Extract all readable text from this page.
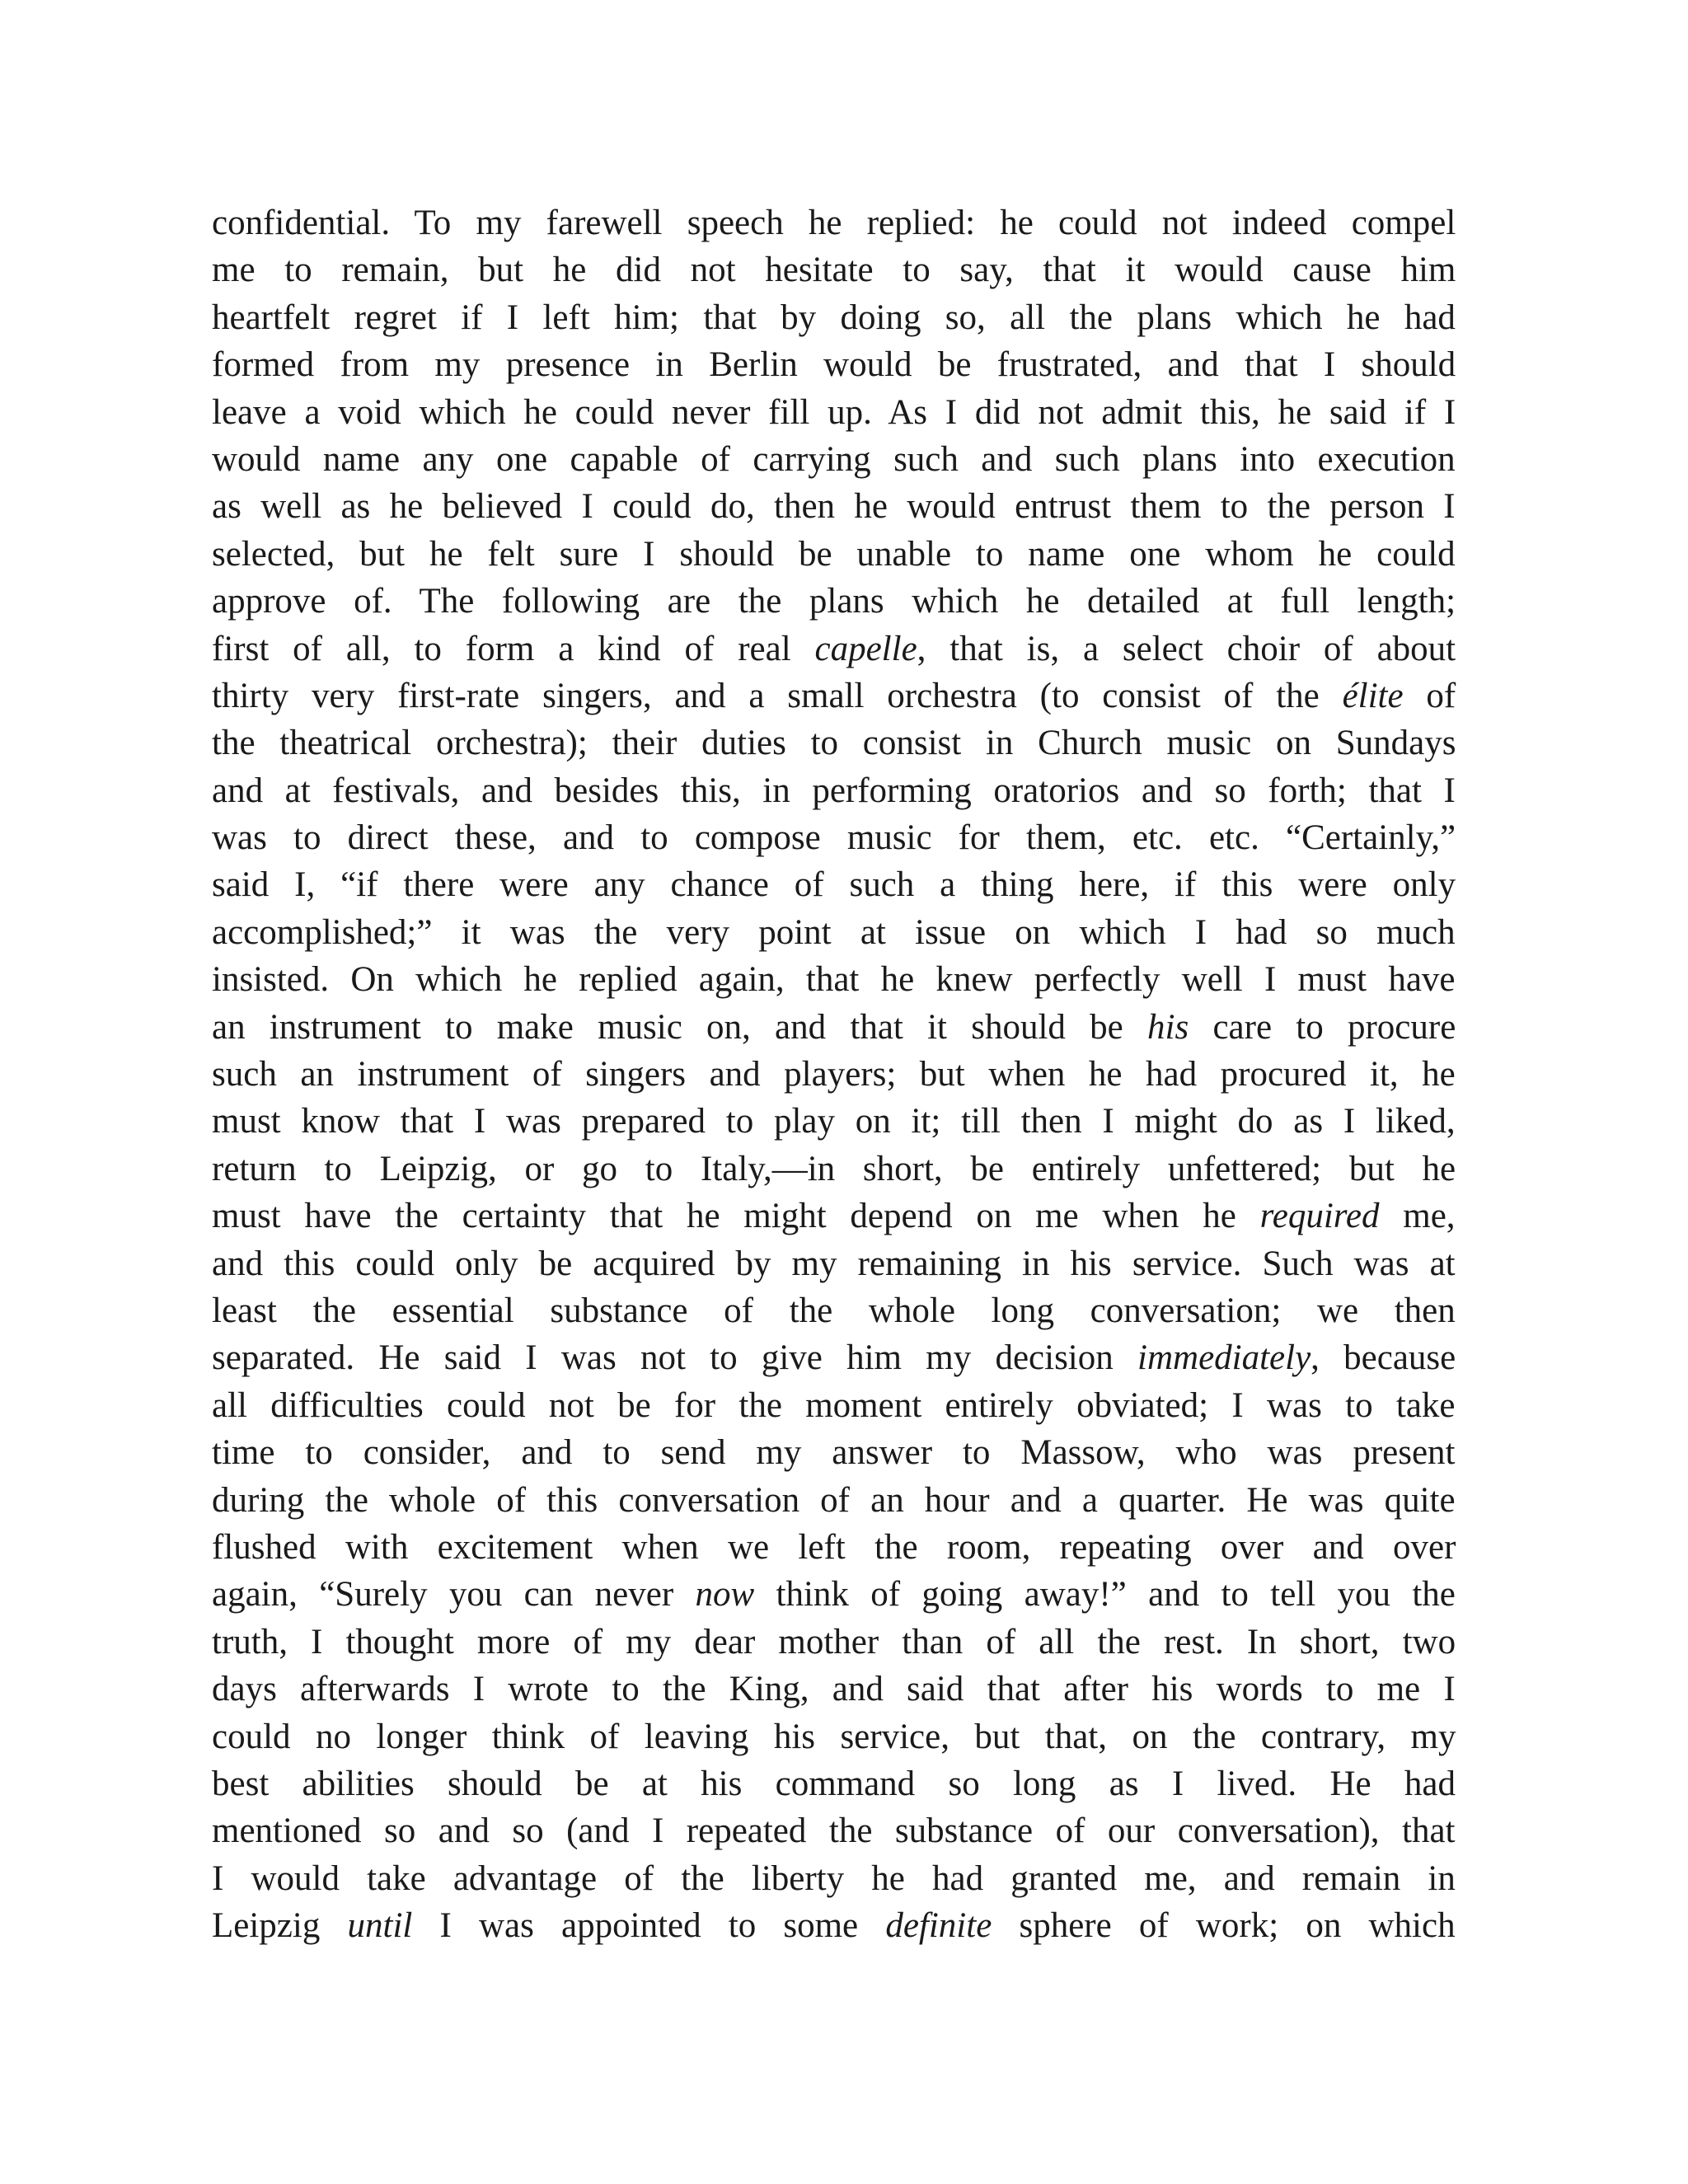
confidential. To my farewell speech he replied: he could not indeed compel
me to remain, but he did not hesitate to say, that it would cause him
heartfelt regret if I left him; that by doing so, all the plans which he had
formed from my presence in Berlin would be frustrated, and that I should
leave a void which he could never fill up. As I did not admit this, he said if I
would name any one capable of carrying such and such plans into execution
as well as he believed I could do, then he would entrust them to the person I
selected, but he felt sure I should be unable to name one whom he could
approve of. The following are the plans which he detailed at full length;
first of all, to form a kind of real capelle, that is, a select choir of about
thirty very first-rate singers, and a small orchestra (to consist of the élite of
the theatrical orchestra); their duties to consist in Church music on Sundays
and at festivals, and besides this, in performing oratorios and so forth; that I
was to direct these, and to compose music for them, etc. etc. “Certainly,”
said I, “if there were any chance of such a thing here, if this were only
accomplished;” it was the very point at issue on which I had so much
insisted. On which he replied again, that he knew perfectly well I must have
an instrument to make music on, and that it should be his care to procure
such an instrument of singers and players; but when he had procured it, he
must know that I was prepared to play on it; till then I might do as I liked,
return to Leipzig, or go to Italy,—in short, be entirely unfettered; but he
must have the certainty that he might depend on me when he required me,
and this could only be acquired by my remaining in his service. Such was at
least the essential substance of the whole long conversation; we then
separated. He said I was not to give him my decision immediately, because
all difficulties could not be for the moment entirely obviated; I was to take
time to consider, and to send my answer to Massow, who was present
during the whole of this conversation of an hour and a quarter. He was quite
flushed with excitement when we left the room, repeating over and over
again, “Surely you can never now think of going away!” and to tell you the
truth, I thought more of my dear mother than of all the rest. In short, two
days afterwards I wrote to the King, and said that after his words to me I
could no longer think of leaving his service, but that, on the contrary, my
best abilities should be at his command so long as I lived. He had
mentioned so and so (and I repeated the substance of our conversation), that
I would take advantage of the liberty he had granted me, and remain in
Leipzig until I was appointed to some definite sphere of work; on which
